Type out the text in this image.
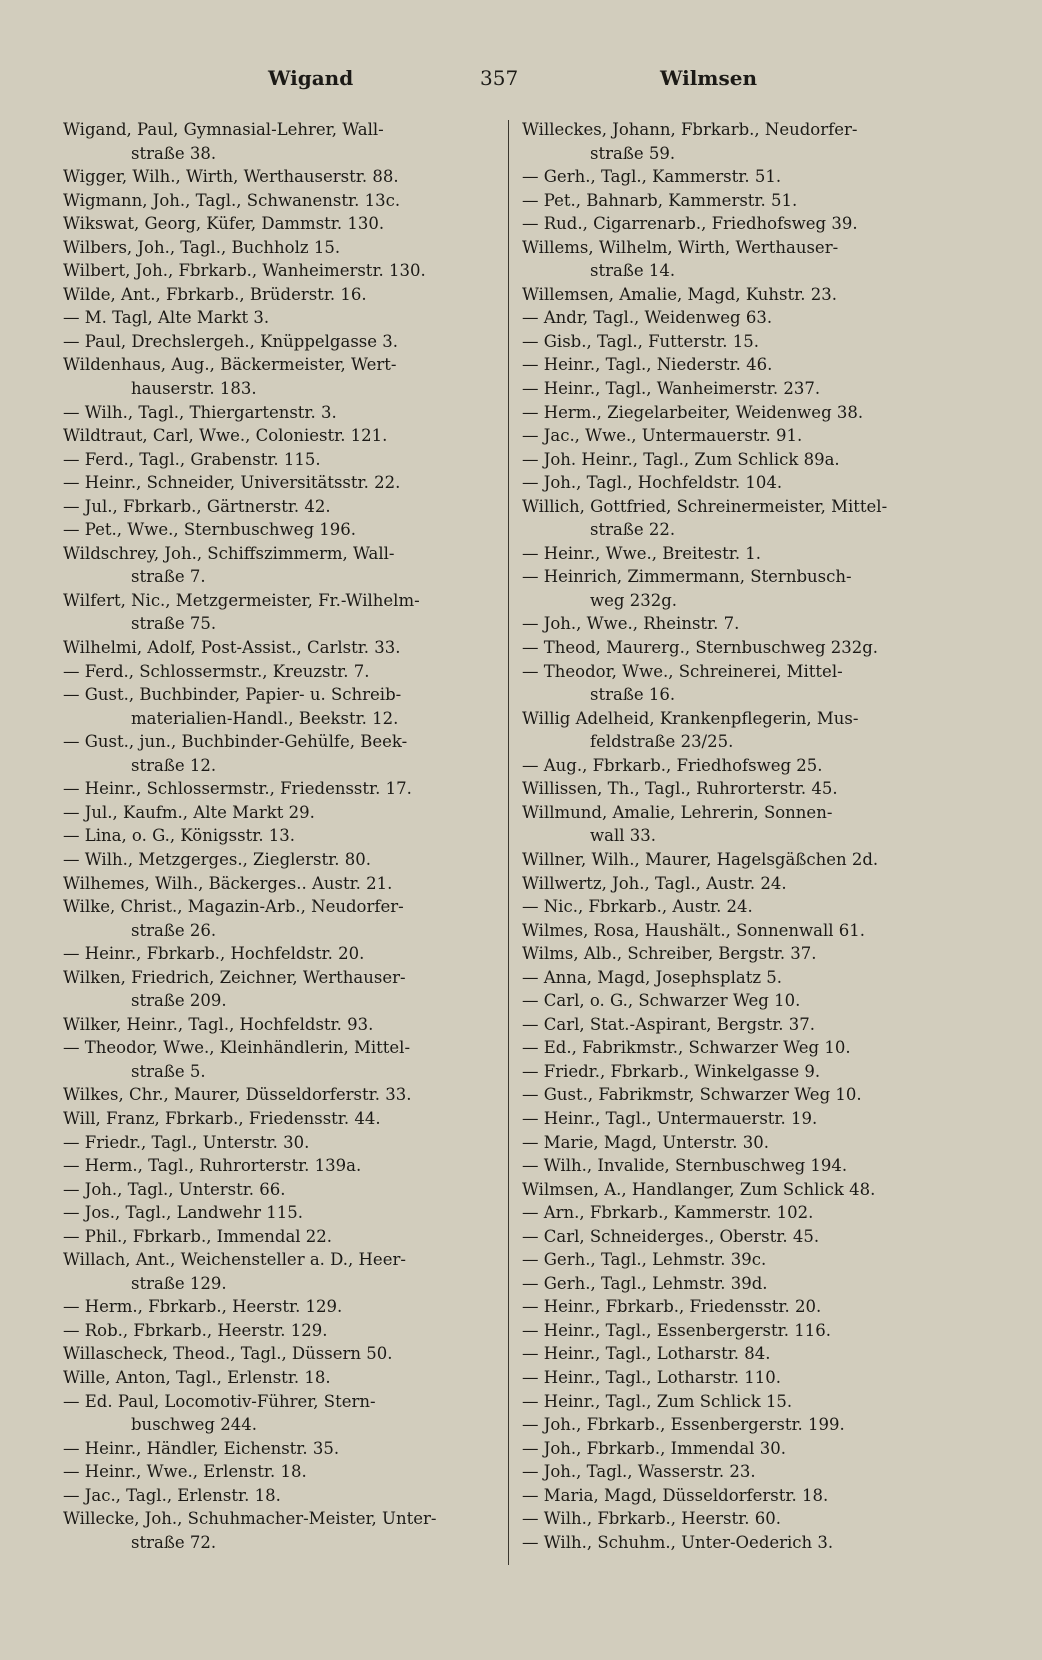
Wigand	357	Wilmsen
Wigand, Paul, Gymnasial-Lehrer, Wall-
straße 38.
Wigger, Wilh., Wirth, Werthauserstr. 88.
Wigmann, Joh., Tagl., Schwanenstr. 13c.
Wikswat, Georg, Küfer, Dammstr. 130.
Wilbers, Joh., Tagl., Buchholz 15.
Wilbert, Joh., Fbrkarb., Wanheimerstr. 130.
Wilde, Ant., Fbrkarb., Brüderstr. 16.
— M. Tagl, Alte Markt 3.
— Paul, Drechslergeh., Knüppelgasse 3.
Wildenhaus, Aug., Bäckermeister, Wert-
hauserstr. 183.
— Wilh., Tagl., Thiergartenstr. 3.
Wildtraut, Carl, Wwe., Coloniestr. 121.
— Ferd., Tagl., Grabenstr. 115.
— Heinr., Schneider, Universitätsstr. 22.
— Jul., Fbrkarb., Gärtnerstr. 42.
— Pet., Wwe., Sternbuschweg 196.
Wildschrey, Joh., Schiffszimmerm, Wall-
straße 7.
Wilfert, Nic., Metzgermeister, Fr.-Wilhelm-
straße 75.
Wilhelmi, Adolf, Post-Assist., Carlstr. 33.
— Ferd., Schlossermstr., Kreuzstr. 7.
— Gust., Buchbinder, Papier- u. Schreib-
materialien-Handl., Beekstr. 12.
— Gust., jun., Buchbinder-Gehülfe, Beek-
straße 12.
— Heinr., Schlossermstr., Friedensstr. 17.
— Jul., Kaufm., Alte Markt 29.
— Lina, o. G., Königsstr. 13.
— Wilh., Metzgerges., Zieglerstr. 80.
Wilhemes, Wilh., Bäckerges.. Austr. 21.
Wilke, Christ., Magazin-Arb., Neudorfer-
straße 26.
— Heinr., Fbrkarb., Hochfeldstr. 20.
Wilken, Friedrich, Zeichner, Werthauser-
straße 209.
Wilker, Heinr., Tagl., Hochfeldstr. 93.
— Theodor, Wwe., Kleinhändlerin, Mittel-
straße 5.
Wilkes, Chr., Maurer, Düsseldorferstr. 33.
Will, Franz, Fbrkarb., Friedensstr. 44.
— Friedr., Tagl., Unterstr. 30.
— Herm., Tagl., Ruhrorterstr. 139a.
— Joh., Tagl., Unterstr. 66.
— Jos., Tagl., Landwehr 115.
— Phil., Fbrkarb., Immendal 22.
Willach, Ant., Weichensteller a. D., Heer-
straße 129.
— Herm., Fbrkarb., Heerstr. 129.
— Rob., Fbrkarb., Heerstr. 129.
Willascheck, Theod., Tagl., Düssern 50.
Wille, Anton, Tagl., Erlenstr. 18.
— Ed. Paul, Locomotiv-Führer, Stern-
buschweg 244.
— Heinr., Händler, Eichenstr. 35.
— Heinr., Wwe., Erlenstr. 18.
— Jac., Tagl., Erlenstr. 18.
Willecke, Joh., Schuhmacher-Meister, Unter-
straße 72.
Willeckes, Johann, Fbrkarb., Neudorfer-
straße 59.
— Gerh., Tagl., Kammerstr. 51.
— Pet., Bahnarb, Kammerstr. 51.
— Rud., Cigarrenarb., Friedhofsweg 39.
Willems, Wilhelm, Wirth, Werthauser-
straße 14.
Willemsen, Amalie, Magd, Kuhstr. 23.
— Andr, Tagl., Weidenweg 63.
— Gisb., Tagl., Futterstr. 15.
— Heinr., Tagl., Niederstr. 46.
— Heinr., Tagl., Wanheimerstr. 237.
— Herm., Ziegelarbeiter, Weidenweg 38.
— Jac., Wwe., Untermauerstr. 91.
— Joh. Heinr., Tagl., Zum Schlick 89a.
— Joh., Tagl., Hochfeldstr. 104.
Willich, Gottfried, Schreinermeister, Mittel-
straße 22.
— Heinr., Wwe., Breitestr. 1.
— Heinrich, Zimmermann, Sternbusch-
weg 232g.
— Joh., Wwe., Rheinstr. 7.
— Theod, Maurerg., Sternbuschweg 232g.
— Theodor, Wwe., Schreinerei, Mittel-
straße 16.
Willig Adelheid, Krankenpflegerin, Mus-
feldstraße 23/25.
— Aug., Fbrkarb., Friedhofsweg 25.
Willissen, Th., Tagl., Ruhrorterstr. 45.
Willmund, Amalie, Lehrerin, Sonnen-
wall 33.
Willner, Wilh., Maurer, Hagelsgäßchen 2d.
Willwertz, Joh., Tagl., Austr. 24.
— Nic., Fbrkarb., Austr. 24.
Wilmes, Rosa, Haushält., Sonnenwall 61.
Wilms, Alb., Schreiber, Bergstr. 37.
— Anna, Magd, Josephsplatz 5.
— Carl, o. G., Schwarzer Weg 10.
— Carl, Stat.-Aspirant, Bergstr. 37.
— Ed., Fabrikmstr., Schwarzer Weg 10.
— Friedr., Fbrkarb., Winkelgasse 9.
— Gust., Fabrikmstr, Schwarzer Weg 10.
— Heinr., Tagl., Untermauerstr. 19.
— Marie, Magd, Unterstr. 30.
— Wilh., Invalide, Sternbuschweg 194.
Wilmsen, A., Handlanger, Zum Schlick 48.
— Arn., Fbrkarb., Kammerstr. 102.
— Carl, Schneiderges., Oberstr. 45.
— Gerh., Tagl., Lehmstr. 39c.
— Gerh., Tagl., Lehmstr. 39d.
— Heinr., Fbrkarb., Friedensstr. 20.
— Heinr., Tagl., Essenbergerstr. 116.
— Heinr., Tagl., Lotharstr. 84.
— Heinr., Tagl., Lotharstr. 110.
— Heinr., Tagl., Zum Schlick 15.
— Joh., Fbrkarb., Essenbergerstr. 199.
— Joh., Fbrkarb., Immendal 30.
— Joh., Tagl., Wasserstr. 23.
— Maria, Magd, Düsseldorferstr. 18.
— Wilh., Fbrkarb., Heerstr. 60.
— Wilh., Schuhm., Unter-Oederich 3.
